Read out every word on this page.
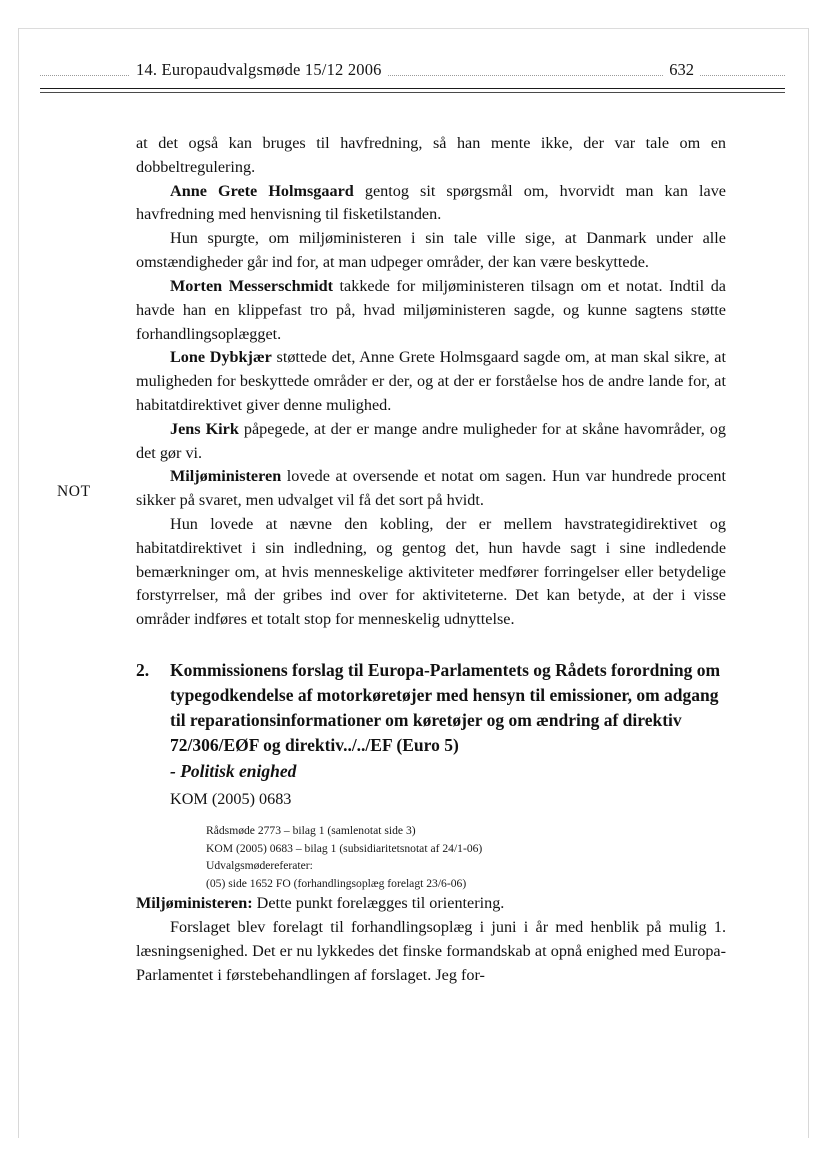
14. Europaudvalgsmøde 15/12 2006	632
NOT

at det også kan bruges til havfredning, så han mente ikke, der var tale om en dobbeltregulering.

Anne Grete Holmsgaard gentog sit spørgsmål om, hvorvidt man kan lave havfredning med henvisning til fisketilstanden.

Hun spurgte, om miljøministeren i sin tale ville sige, at Danmark under alle omstændigheder går ind for, at man udpeger områder, der kan være beskyttede.

Morten Messerschmidt takkede for miljøministeren tilsagn om et notat. Indtil da havde han en klippefast tro på, hvad miljøministeren sagde, og kunne sagtens støtte forhandlingsoplægget.

Lone Dybkjær støttede det, Anne Grete Holmsgaard sagde om, at man skal sikre, at muligheden for beskyttede områder er der, og at der er forståelse hos de andre lande for, at habitatdirektivet giver denne mulighed.

Jens Kirk påpegede, at der er mange andre muligheder for at skåne havområder, og det gør vi.

Miljøministeren lovede at oversende et notat om sagen. Hun var hundrede procent sikker på svaret, men udvalget vil få det sort på hvidt.

Hun lovede at nævne den kobling, der er mellem havstrategidirektivet og habitatdirektivet i sin indledning, og gentog det, hun havde sagt i sine indledende bemærkninger om, at hvis menneskelige aktiviteter medfører forringelser eller betydelige forstyrrelser, må der gribes ind over for aktiviteterne. Det kan betyde, at der i visse områder indføres et totalt stop for menneskelig udnyttelse.

2.	Kommissionens forslag til Europa-Parlamentets og Rådets forordning om typegodkendelse af motorkøretøjer med hensyn til emissioner, om adgang til reparationsinformationer om køretøjer og om ændring af direktiv 72/306/EØF og direktiv../../EF (Euro 5)
- Politisk enighed
KOM (2005) 0683
Rådsmøde 2773 – bilag 1 (samlenotat side 3)
KOM (2005) 0683 – bilag 1 (subsidiaritetsnotat af 24/1-06)
Udvalgsmødereferater:
(05) side 1652 FO (forhandlingsoplæg forelagt 23/6-06)

Miljøministeren: Dette punkt forelægges til orientering.

Forslaget blev forelagt til forhandlingsoplæg i juni i år med henblik på mulig 1. læsningsenighed. Det er nu lykkedes det finske formandskab at opnå enighed med Europa-Parlamentet i førstebehandlingen af forslaget. Jeg for-
